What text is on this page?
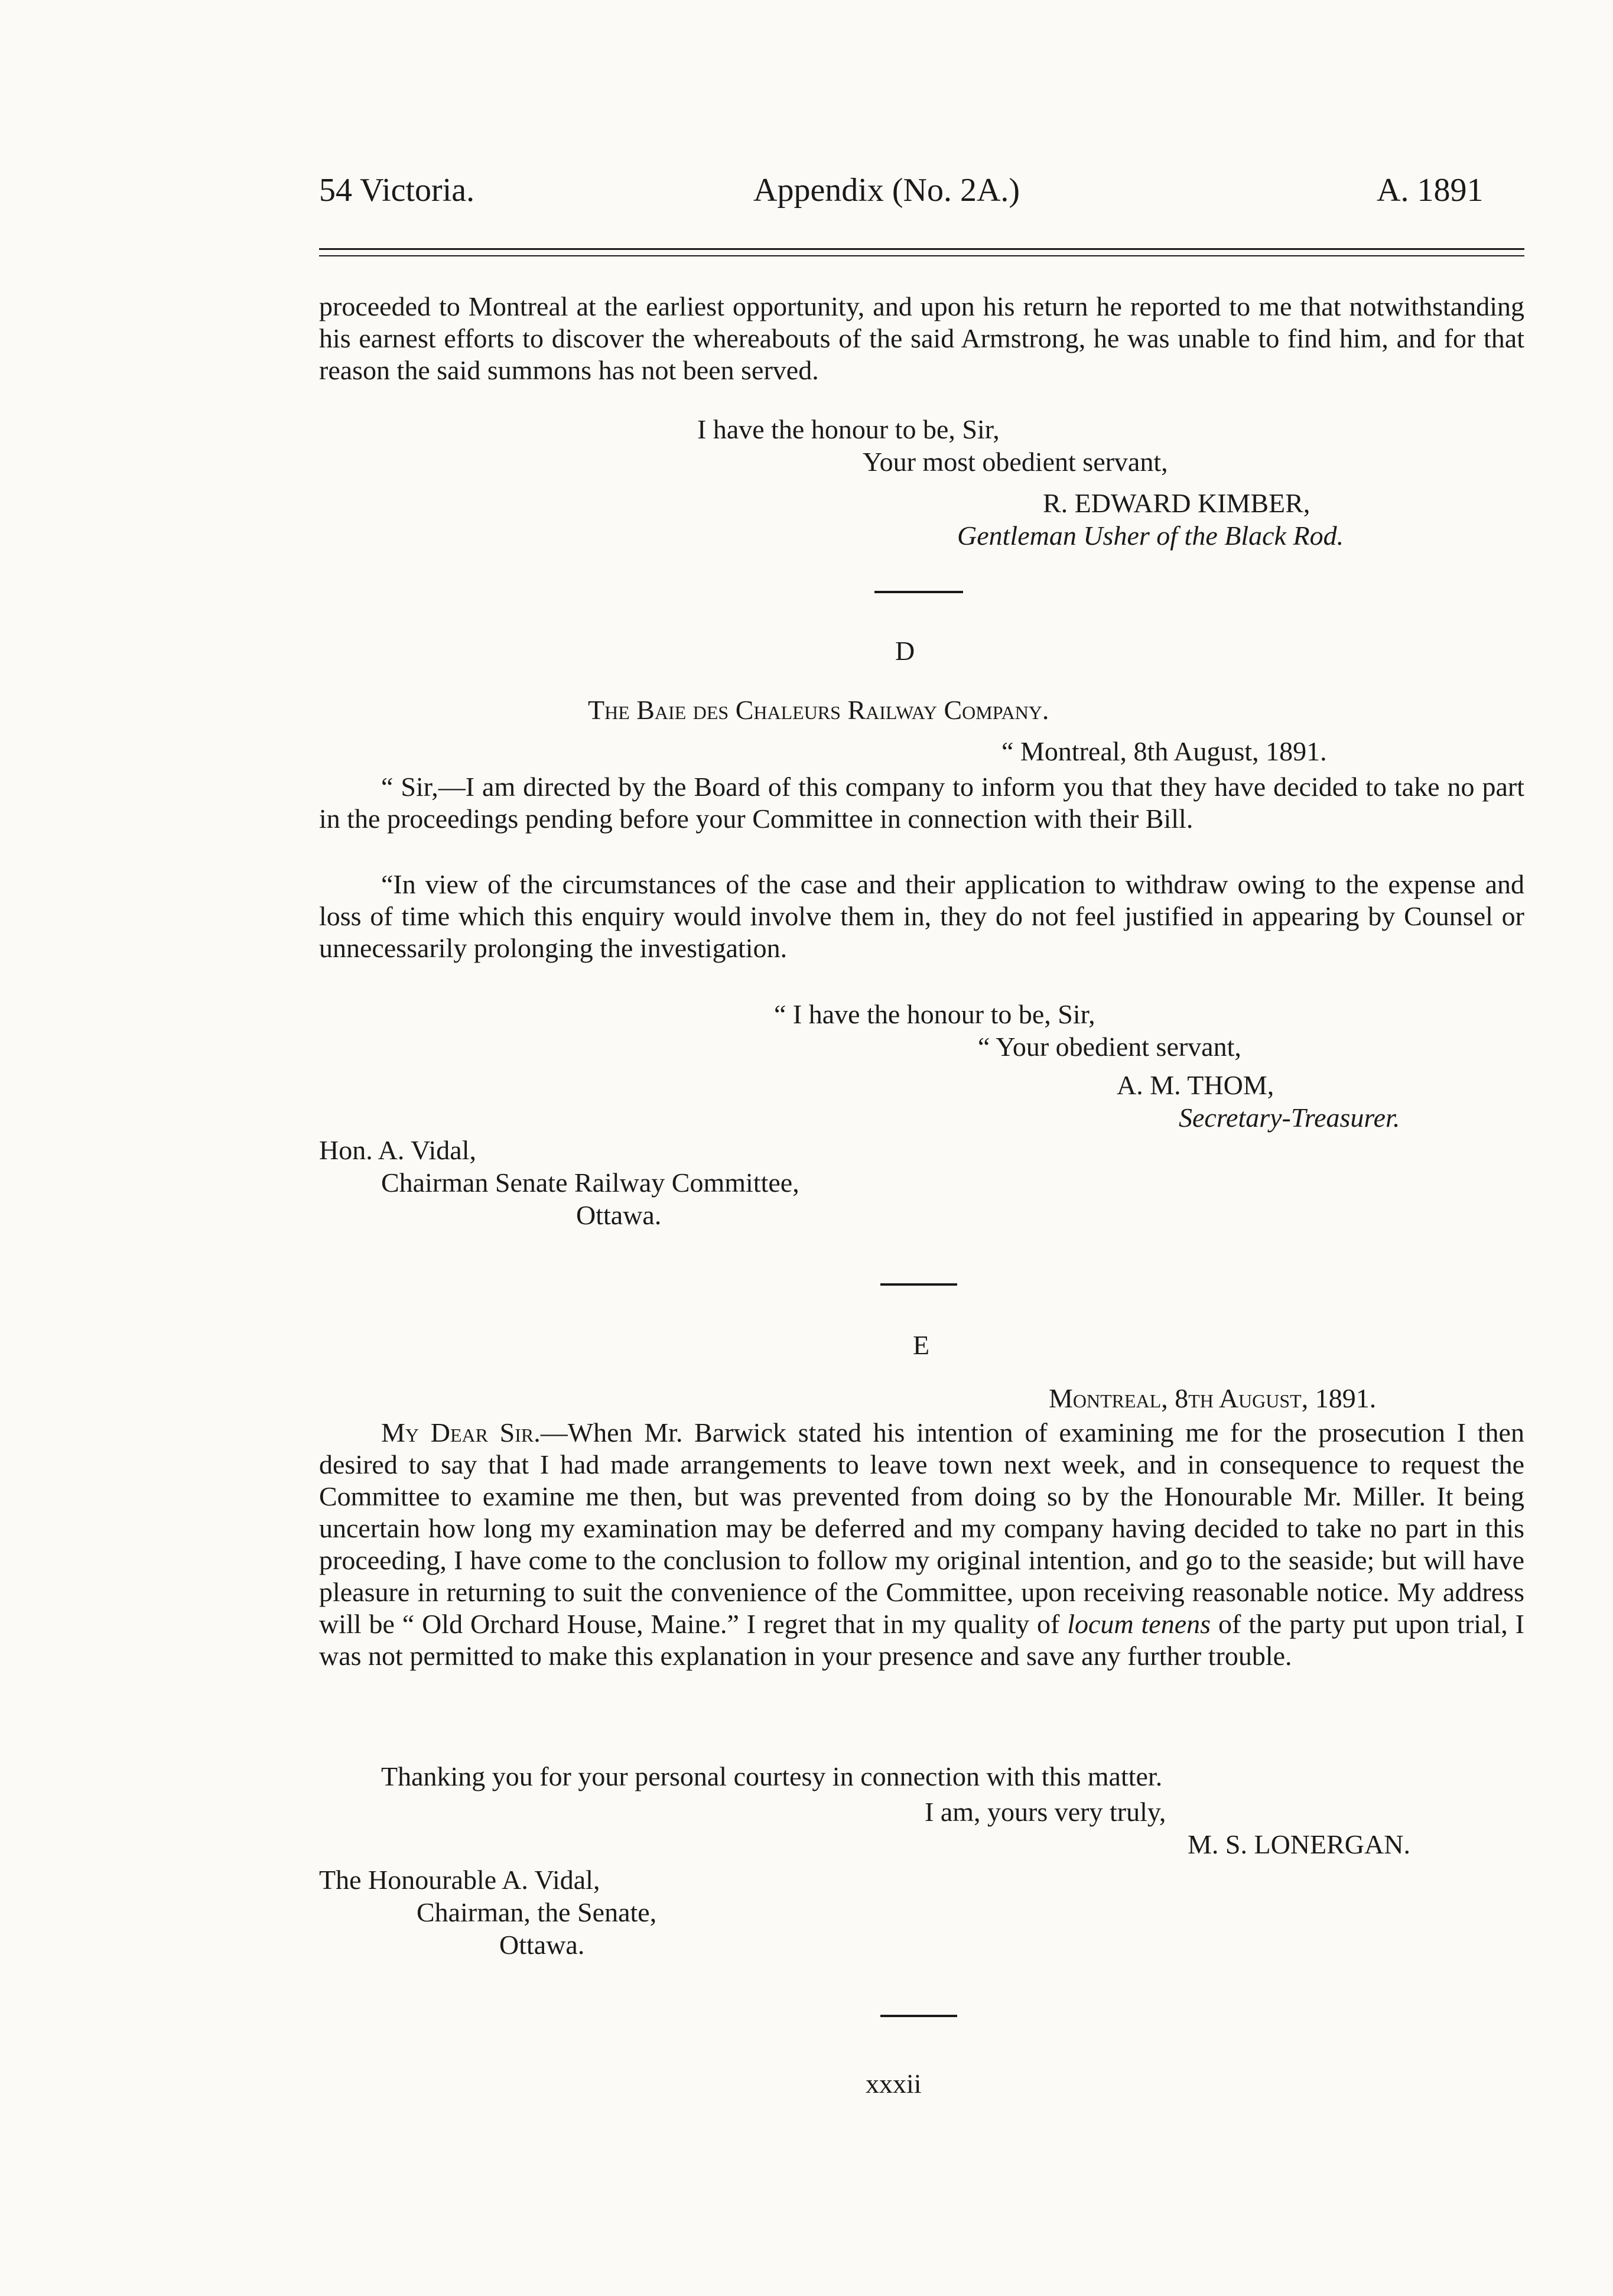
54 Victoria.	Appendix (No. 2A.)	A. 1891

proceeded to Montreal at the earliest opportunity, and upon his return he reported to me that notwithstanding his earnest efforts to discover the whereabouts of the said Armstrong, he was unable to find him, and for that reason the said summons has not been served.

I have the honour to be, Sir,
Your most obedient servant,
R. EDWARD KIMBER,
Gentleman Usher of the Black Rod.
D
The Baie des Chaleurs Railway Company.
“ Montreal, 8th August, 1891.

“ Sir,—I am directed by the Board of this company to inform you that they have decided to take no part in the proceedings pending before your Committee in connection with their Bill.

“In view of the circumstances of the case and their application to withdraw owing to the expense and loss of time which this enquiry would involve them in, they do not feel justified in appearing by Counsel or unnecessarily prolonging the investigation.

“ I have the honour to be, Sir,
“ Your obedient servant,
A. M. THOM,
Secretary-Treasurer.
Hon. A. Vidal,
Chairman Senate Railway Committee,
Ottawa.
E
Montreal, 8th August, 1891.

My Dear Sir.—When Mr. Barwick stated his intention of examining me for the prosecution I then desired to say that I had made arrangements to leave town next week, and in consequence to request the Committee to examine me then, but was prevented from doing so by the Honourable Mr. Miller. It being uncertain how long my examination may be deferred and my company having decided to take no part in this proceeding, I have come to the conclusion to follow my original intention, and go to the seaside; but will have pleasure in returning to suit the convenience of the Committee, upon receiving reasonable notice. My address will be “ Old Orchard House, Maine.” I regret that in my quality of locum tenens of the party put upon trial, I was not permitted to make this explanation in your presence and save any further trouble.

Thanking you for your personal courtesy in connection with this matter.
I am, yours very truly,
M. S. LONERGAN.
The Honourable A. Vidal,
Chairman, the Senate,
Ottawa.
xxxii
